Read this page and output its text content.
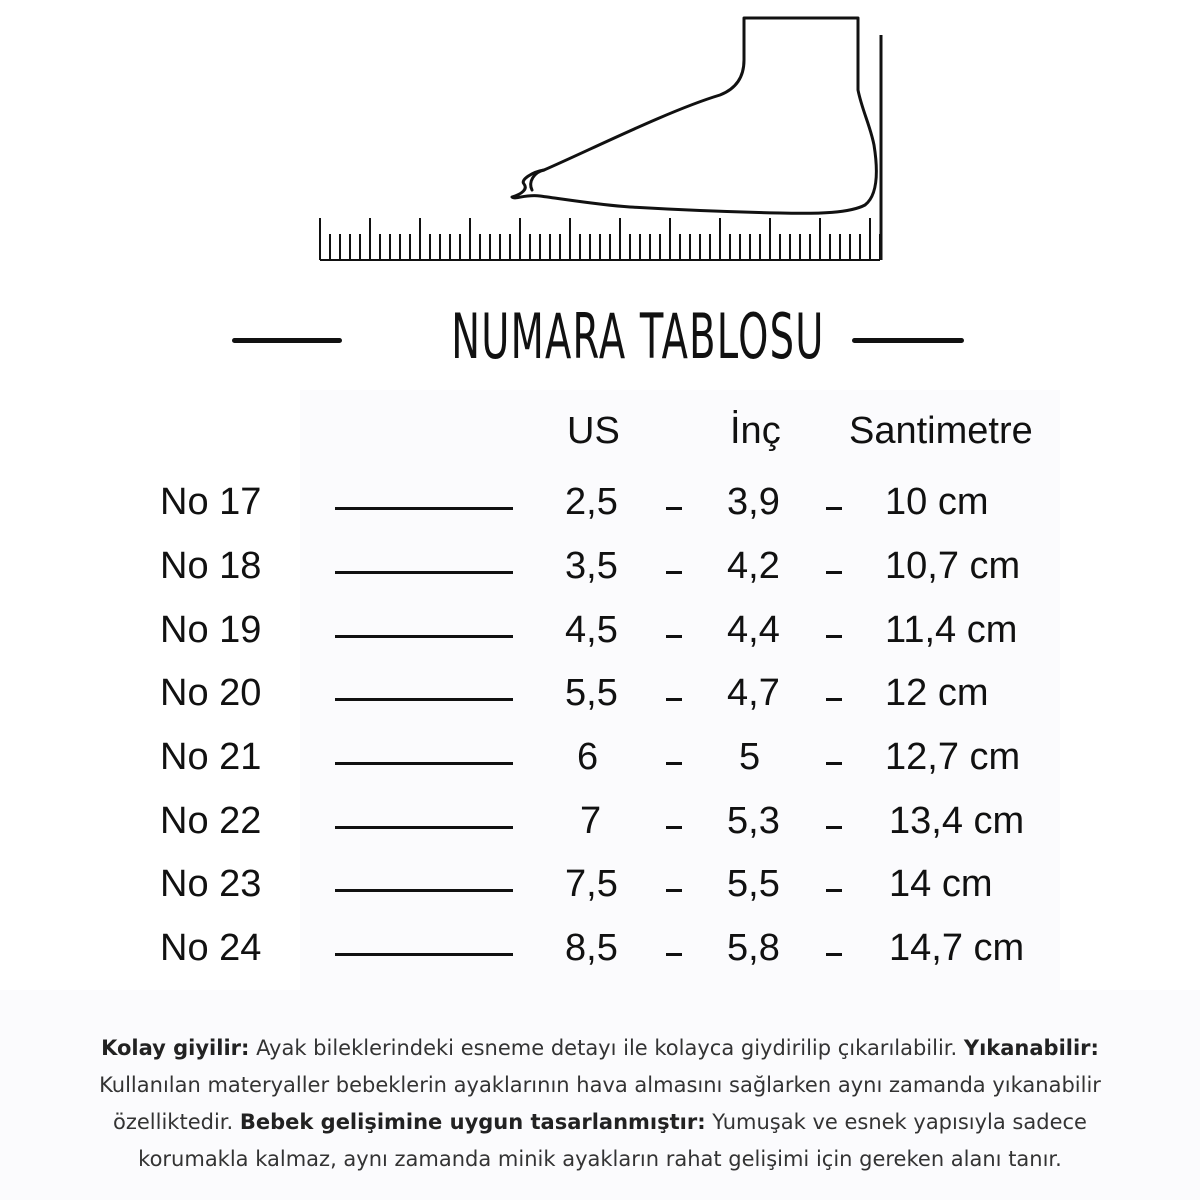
NUMARA TABLOSU
US	İnç Santimetre
No 17	2,5	3,9	10 cm
No 18	3,5	4,2	10,7 cm
No 19	4,5	4,4	11,4 cm
No 20	5,5	4,7	12 cm
No 21	6	5	12,7 cm
No 22	7	5,3	13,4 cm
No 23	7,5	5,5	14 cm
No 24	8,5	5,8	14,7 cm
Kolay giyilir: Ayak bileklerindeki esneme detayı ile kolayca giydirilip çıkarılabilir. Yıkanabilir: Kullanılan materyaller bebeklerin ayaklarının hava almasını sağlarken aynı zamanda yıkanabilir özelliktedir. Bebek gelişimine uygun tasarlanmıştır: Yumuşak ve esnek yapısıyla sadece korumakla kalmaz, aynı zamanda minik ayakların rahat gelişimi için gereken alanı tanır.
